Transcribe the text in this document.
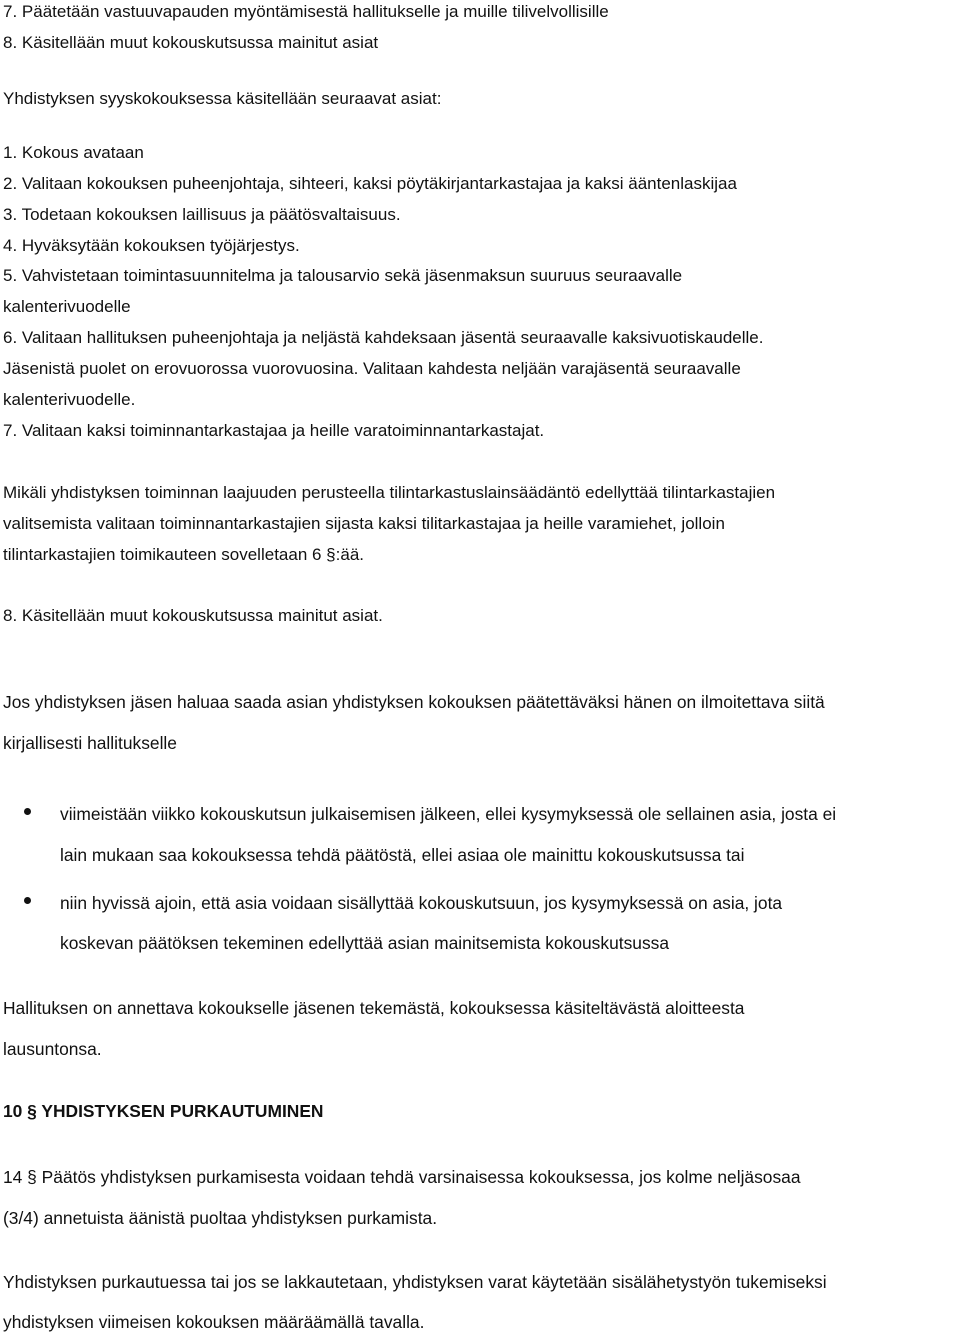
7. Päätetään vastuuvapauden myöntämisestä hallitukselle ja muille tilivelvollisille
8. Käsitellään muut kokouskutsussa mainitut asiat
Yhdistyksen syyskokouksessa käsitellään seuraavat asiat:
1. Kokous avataan
2. Valitaan kokouksen puheenjohtaja, sihteeri, kaksi pöytäkirjantarkastajaa ja kaksi ääntenlaskijaa
3. Todetaan kokouksen laillisuus ja päätösvaltaisuus.
4. Hyväksytään kokouksen työjärjestys.
5. Vahvistetaan toimintasuunnitelma ja talousarvio sekä jäsenmaksun suuruus seuraavalle
kalenterivuodelle
6. Valitaan hallituksen puheenjohtaja ja neljästä kahdeksaan jäsentä seuraavalle kaksivuotiskaudelle.
Jäsenistä puolet on erovuorossa vuorovuosina. Valitaan kahdesta neljään varajäsentä seuraavalle
kalenterivuodelle.
7. Valitaan kaksi toiminnantarkastajaa ja heille varatoiminnantarkastajat.
Mikäli yhdistyksen toiminnan laajuuden perusteella tilintarkastuslainsäädäntö edellyttää tilintarkastajien
valitsemista valitaan toiminnantarkastajien sijasta kaksi tilitarkastajaa ja heille varamiehet, jolloin
tilintarkastajien toimikauteen sovelletaan 6 §:ää.
8. Käsitellään muut kokouskutsussa mainitut asiat.
Jos yhdistyksen jäsen haluaa saada asian yhdistyksen kokouksen päätettäväksi hänen on ilmoitettava siitä
kirjallisesti hallitukselle
viimeistään viikko kokouskutsun julkaisemisen jälkeen, ellei kysymyksessä ole sellainen asia, josta ei
lain mukaan saa kokouksessa tehdä päätöstä, ellei asiaa ole mainittu kokouskutsussa tai
niin hyvissä ajoin, että asia voidaan sisällyttää kokouskutsuun, jos kysymyksessä on asia, jota
koskevan päätöksen tekeminen edellyttää asian mainitsemista kokouskutsussa
Hallituksen on annettava kokoukselle jäsenen tekemästä, kokouksessa käsiteltävästä aloitteesta
lausuntonsa.
10 § YHDISTYKSEN PURKAUTUMINEN
14 § Päätös yhdistyksen purkamisesta voidaan tehdä varsinaisessa kokouksessa, jos kolme neljäsosaa
(3/4) annetuista äänistä puoltaa yhdistyksen purkamista.
Yhdistyksen purkautuessa tai jos se lakkautetaan, yhdistyksen varat käytetään sisälähetystyön tukemiseksi
yhdistyksen viimeisen kokouksen määräämällä tavalla.
